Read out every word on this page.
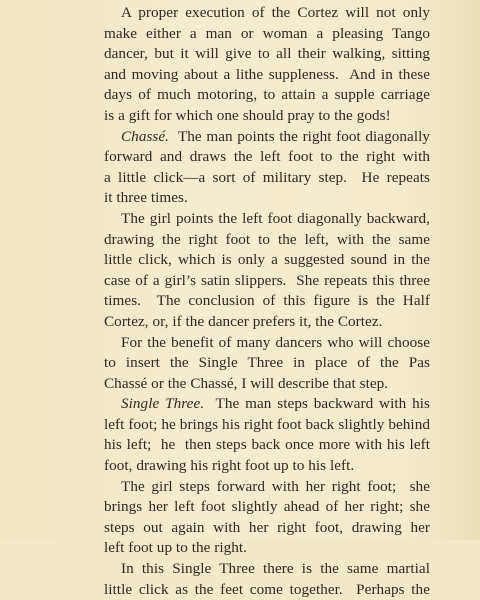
A proper execution of the Cortez will not only
make either a man or woman a pleasing Tango
dancer, but it will give to all their walking, sitting
and moving about a lithe suppleness.  And in these
days of much motoring, to attain a supple carriage
is a gift for which one should pray to the gods!
Chassé.  The man points the right foot diagonally
forward and draws the left foot to the right with
a little click—a sort of military step.  He repeats
it three times.
The girl points the left foot diagonally backward,
drawing the right foot to the left, with the same
little click, which is only a suggested sound in the
case of a girl’s satin slippers.  She repeats this three
times.  The conclusion of this figure is the Half
Cortez, or, if the dancer prefers it, the Cortez.
For the benefit of many dancers who will choose
to insert the Single Three in place of the Pas
Chassé or the Chassé, I will describe that step.
Single Three.  The man steps backward with his
left foot; he brings his right foot back slightly behind
his left;  he  then steps back once more with his left
foot, drawing his right foot up to his left.
The girl steps forward with her right foot;  she
brings her left foot slightly ahead of her right; she
steps out again with her right foot, drawing her
left foot up to the right.
In this Single Three there is the same martial
little click as the feet come together.  Perhaps the
